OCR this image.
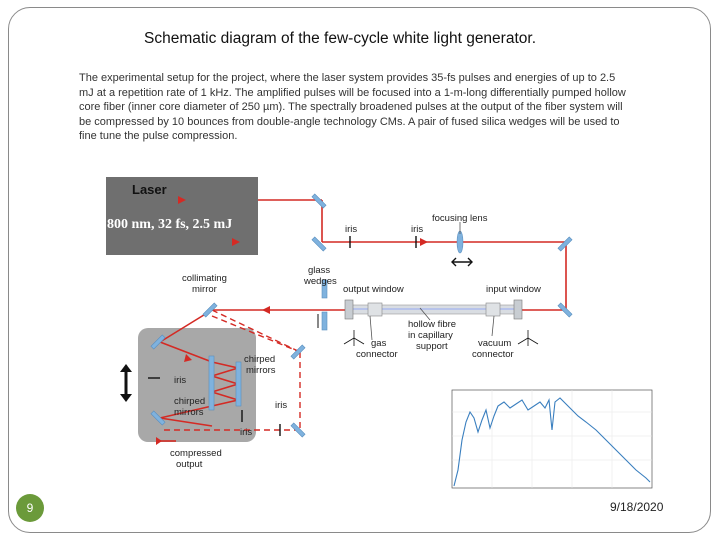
Schematic diagram of the few-cycle white light generator.
The experimental setup for the project, where the laser system provides 35-fs pulses and energies of up to 2.5 mJ at a repetition rate of 1 kHz. The amplified pulses will be focused into a 1-m-long differentially pumped hollow core fiber (inner core diameter of 250 µm). The spectrally broadened pulses at the output of the fiber system will be compressed by 10 bounces from double-angle technology CMs. A pair of fused silica wedges will be used to fine tune the pulse compression.
Laser
800 nm, 32 fs, 2.5 mJ	focusing lens
iris	iris
glass
wedges
collimating
mirror	output window	input window
hollow fibre
in capillary
support
gas
connector
vacuum
connector
chirped
mirrors
chirped
mirrors
iris
iris
iris
compressed
output
9	9/18/2020
